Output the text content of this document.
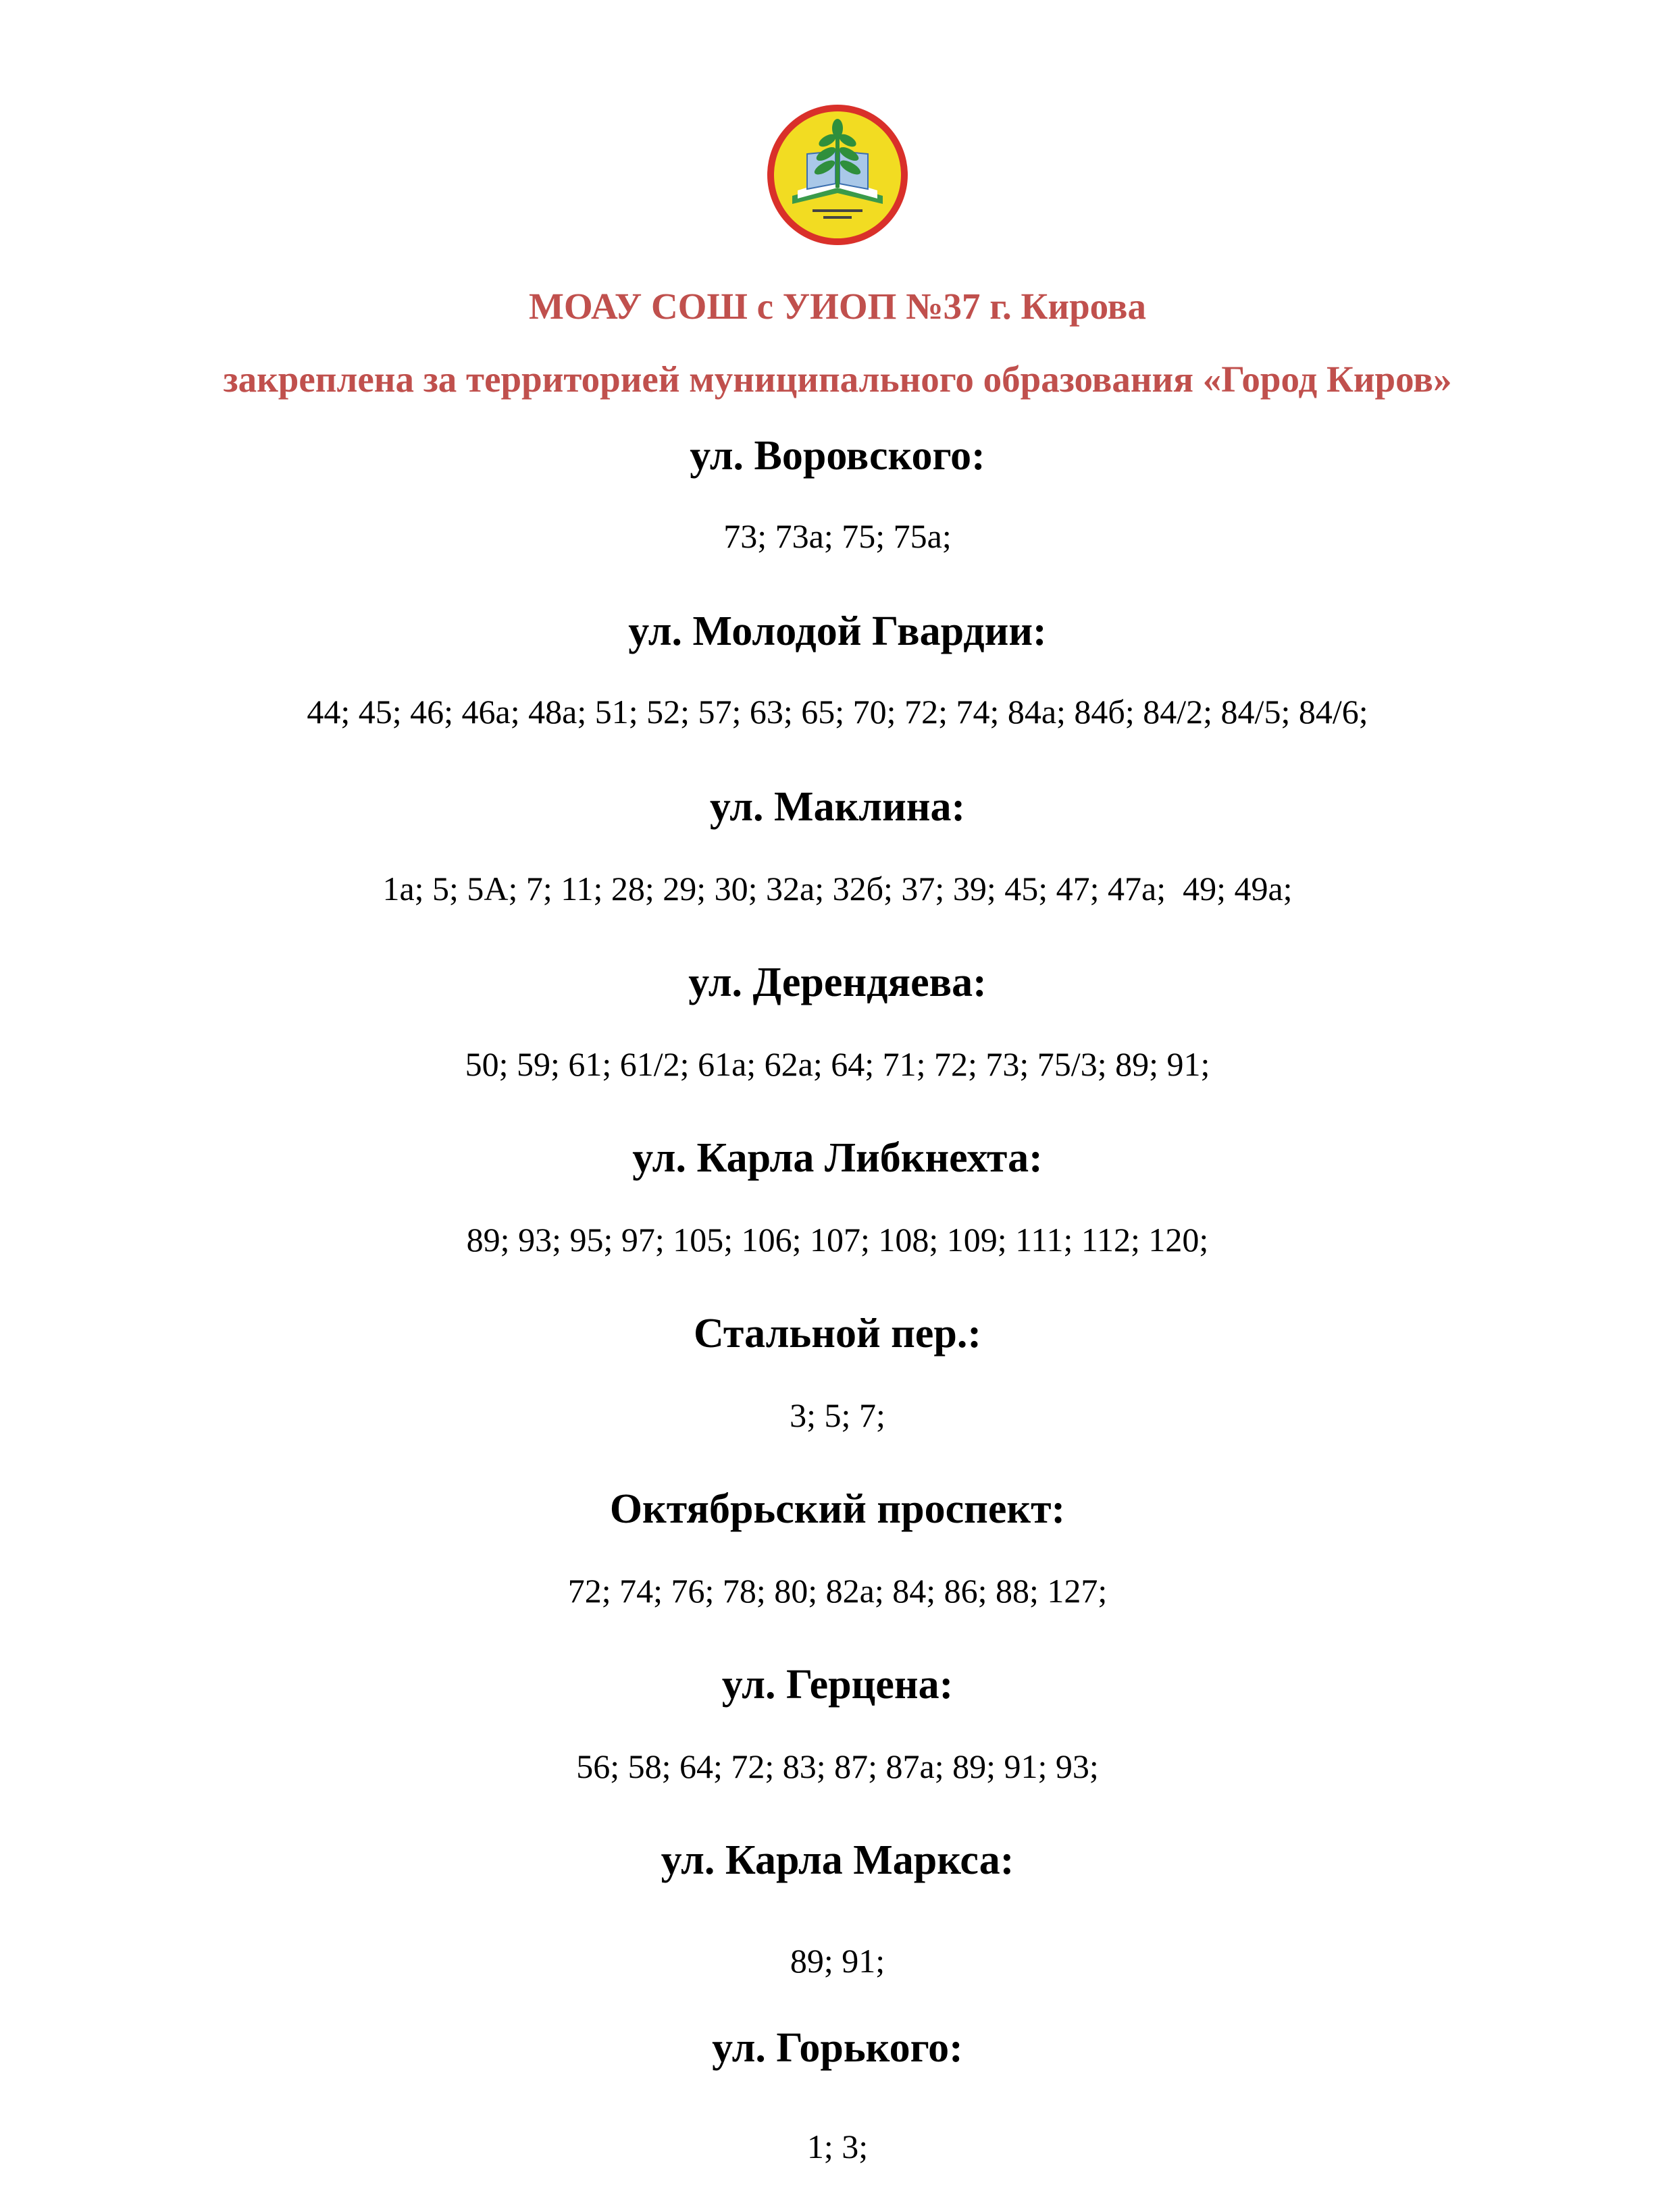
МОАУ СОШ с УИОП №37 г. Кирова
закреплена за территорией муниципального образования «Город Киров»
ул. Воровского:
73; 73а; 75; 75а;
ул. Молодой Гвардии:
44; 45; 46; 46а; 48а; 51; 52; 57; 63; 65; 70; 72; 74; 84а; 84б; 84/2; 84/5; 84/6;
ул. Маклина:
1а; 5; 5А; 7; 11; 28; 29; 30; 32а; 32б; 37; 39; 45; 47; 47а;  49; 49а;
ул. Дерендяева:
50; 59; 61; 61/2; 61а; 62а; 64; 71; 72; 73; 75/3; 89; 91;
ул. Карла Либкнехта:
89; 93; 95; 97; 105; 106; 107; 108; 109; 111; 112; 120;
Стальной пер.:
3; 5; 7;
Октябрьский проспект:
72; 74; 76; 78; 80; 82а; 84; 86; 88; 127;
ул. Герцена:
56; 58; 64; 72; 83; 87; 87а; 89; 91; 93;
ул. Карла Маркса:
89; 91;
ул. Горького:
1; 3;
